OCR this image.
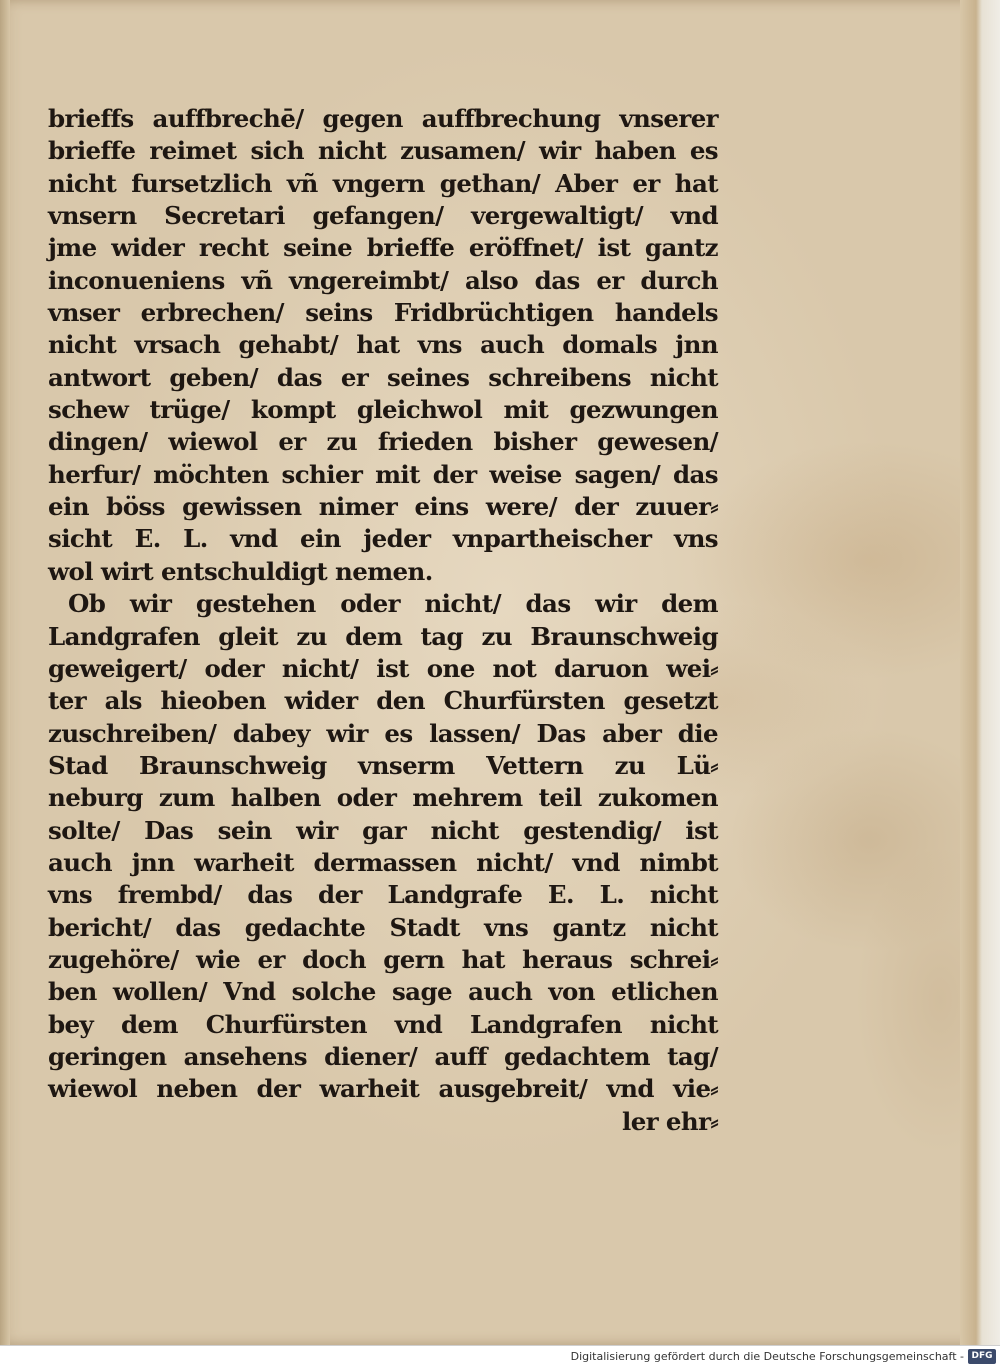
brieffs auffbrechē/ gegen auffbrechung vnserer
brieffe reimet sich nicht zusamen/ wir haben es
nicht fursetzlich vñ vngern gethan/ Aber er hat
vnsern Secretari gefangen/ vergewaltigt/ vnd
jme wider recht seine brieffe eröffnet/ ist gantz
inconueniens vñ vngereimbt/ also das er durch
vnser erbrechen/ seins Fridbrüchtigen handels
nicht vrsach gehabt/ hat vns auch domals jnn
antwort geben/ das er seines schreibens nicht
schew trüge/ kompt gleichwol mit gezwungen
dingen/ wiewol er zu frieden bisher gewesen/
herfur/ möchten schier mit der weise sagen/ das
ein böss gewissen nimer eins were/ der zuuer⸗
sicht E. L. vnd ein jeder vnpartheischer vns
wol wirt entschuldigt nemen.
Ob wir gestehen oder nicht/ das wir dem
Landgrafen gleit zu dem tag zu Braunschweig
geweigert/ oder nicht/ ist one not daruon wei⸗
ter als hieoben wider den Churfürsten gesetzt
zuschreiben/ dabey wir es lassen/ Das aber die
Stad Braunschweig vnserm Vettern zu Lü⸗
neburg zum halben oder mehrem teil zukomen
solte/ Das sein wir gar nicht gestendig/ ist
auch jnn warheit dermassen nicht/ vnd nimbt
vns frembd/ das der Landgrafe E. L. nicht
bericht/ das gedachte Stadt vns gantz nicht
zugehöre/ wie er doch gern hat heraus schrei⸗
ben wollen/ Vnd solche sage auch von etlichen
bey dem Churfürsten vnd Landgrafen nicht
geringen ansehens diener/ auff gedachtem tag/
wiewol neben der warheit ausgebreit/ vnd vie⸗
ler ehr⸗
Digitalisierung gefördert durch die Deutsche Forschungsgemeinschaft - DFG
